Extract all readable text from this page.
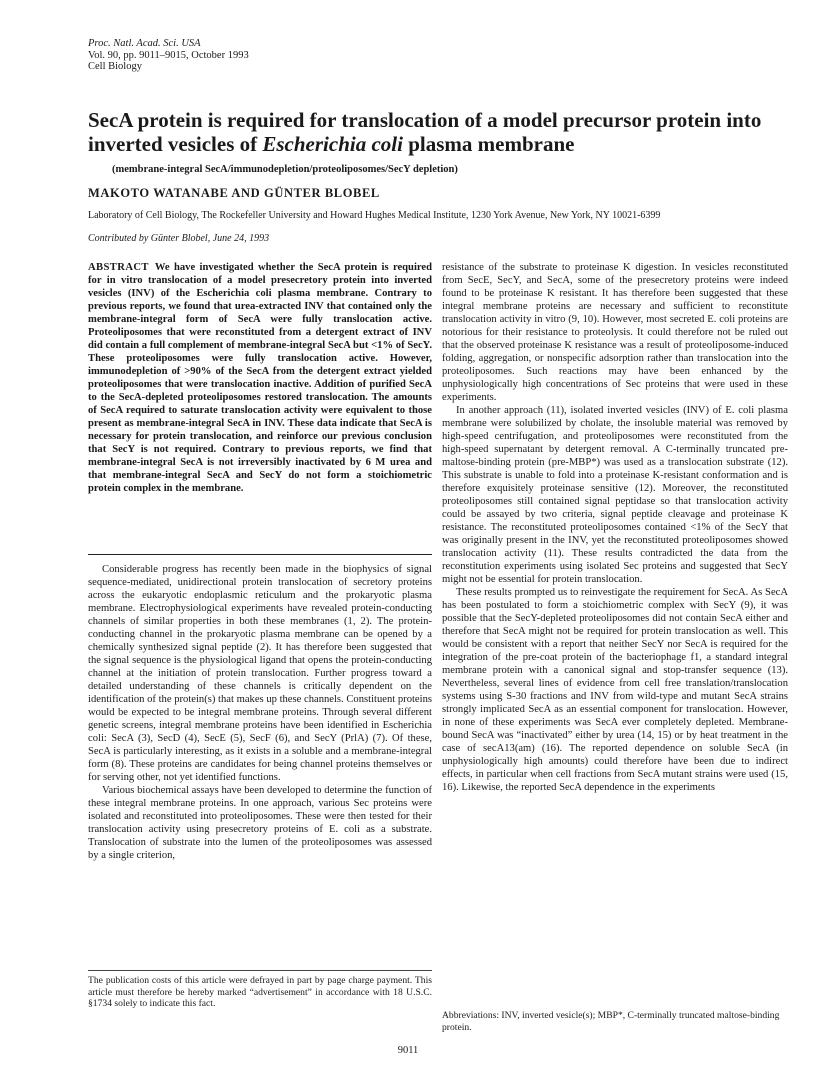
Proc. Natl. Acad. Sci. USA
Vol. 90, pp. 9011–9015, October 1993
Cell Biology
SecA protein is required for translocation of a model precursor protein into inverted vesicles of Escherichia coli plasma membrane
(membrane-integral SecA/immunodepletion/proteoliposomes/SecY depletion)
MAKOTO WATANABE AND GÜNTER BLOBEL
Laboratory of Cell Biology, The Rockefeller University and Howard Hughes Medical Institute, 1230 York Avenue, New York, NY 10021-6399
Contributed by Günter Blobel, June 24, 1993

ABSTRACT We have investigated whether the SecA protein is required for in vitro translocation of a model presecretory protein into inverted vesicles (INV) of the Escherichia coli plasma membrane. Contrary to previous reports, we found that urea-extracted INV that contained only the membrane-integral form of SecA were fully translocation active. Proteoliposomes that were reconstituted from a detergent extract of INV did contain a full complement of membrane-integral SecA but <1% of SecY. These proteoliposomes were fully translocation active. However, immunodepletion of >90% of the SecA from the detergent extract yielded proteoliposomes that were translocation inactive. Addition of purified SecA to the SecA-depleted proteoliposomes restored translocation. The amounts of SecA required to saturate translocation activity were equivalent to those present as membrane-integral SecA in INV. These data indicate that SecA is necessary for protein translocation, and reinforce our previous conclusion that SecY is not required. Contrary to previous reports, we find that membrane-integral SecA is not irreversibly inactivated by 6 M urea and that membrane-integral SecA and SecY do not form a stoichiometric protein complex in the membrane.

Considerable progress has recently been made in the biophysics of signal sequence-mediated, unidirectional protein translocation of secretory proteins across the eukaryotic endoplasmic reticulum and the prokaryotic plasma membrane. Electrophysiological experiments have revealed protein-conducting channels of similar properties in both these membranes (1, 2). The protein-conducting channel in the prokaryotic plasma membrane can be opened by a chemically synthesized signal peptide (2). It has therefore been suggested that the signal sequence is the physiological ligand that opens the protein-conducting channel at the initiation of protein translocation. Further progress toward a detailed understanding of these channels is critically dependent on the identification of the protein(s) that makes up these channels. Constituent proteins would be expected to be integral membrane proteins. Through several different genetic screens, integral membrane proteins have been identified in Escherichia coli: SecA (3), SecD (4), SecE (5), SecF (6), and SecY (PrlA) (7). Of these, SecA is particularly interesting, as it exists in a soluble and a membrane-integral form (8). These proteins are candidates for being channel proteins themselves or for serving other, not yet identified functions.

Various biochemical assays have been developed to determine the function of these integral membrane proteins. In one approach, various Sec proteins were isolated and reconstituted into proteoliposomes. These were then tested for their translocation activity using presecretory proteins of E. coli as a substrate. Translocation of substrate into the lumen of the proteoliposomes was assessed by a single criterion,

resistance of the substrate to proteinase K digestion. In vesicles reconstituted from SecE, SecY, and SecA, some of the presecretory proteins were indeed found to be proteinase K resistant. It has therefore been suggested that these integral membrane proteins are necessary and sufficient to reconstitute translocation activity in vitro (9, 10). However, most secreted E. coli proteins are notorious for their resistance to proteolysis. It could therefore not be ruled out that the observed proteinase K resistance was a result of proteoliposome-induced folding, aggregation, or nonspecific adsorption rather than translocation into the proteoliposomes. Such reactions may have been enhanced by the unphysiologically high concentrations of Sec proteins that were used in these experiments.

In another approach (11), isolated inverted vesicles (INV) of E. coli plasma membrane were solubilized by cholate, the insoluble material was removed by high-speed centrifugation, and proteoliposomes were reconstituted from the high-speed supernatant by detergent removal. A C-terminally truncated pre-maltose-binding protein (pre-MBP*) was used as a translocation substrate (12). This substrate is unable to fold into a proteinase K-resistant conformation and is therefore exquisitely proteinase sensitive (12). Moreover, the reconstituted proteoliposomes still contained signal peptidase so that translocation activity could be assayed by two criteria, signal peptide cleavage and proteinase K resistance. The reconstituted proteoliposomes contained <1% of the SecY that was originally present in the INV, yet the reconstituted proteoliposomes showed translocation activity (11). These results contradicted the data from the reconstitution experiments using isolated Sec proteins and suggested that SecY might not be essential for protein translocation.

These results prompted us to reinvestigate the requirement for SecA. As SecA has been postulated to form a stoichiometric complex with SecY (9), it was possible that the SecY-depleted proteoliposomes did not contain SecA either and therefore that SecA might not be required for protein translocation as well. This would be consistent with a report that neither SecY nor SecA is required for the integration of the pre-coat protein of the bacteriophage f1, a standard integral membrane protein with a canonical signal and stop-transfer sequence (13). Nevertheless, several lines of evidence from cell free translation/translocation systems using S-30 fractions and INV from wild-type and mutant SecA strains strongly implicated SecA as an essential component for translocation. However, in none of these experiments was SecA ever completely depleted. Membrane-bound SecA was “inactivated” either by urea (14, 15) or by heat treatment in the case of secA13(am) (16). The reported dependence on soluble SecA (in unphysiologically high amounts) could therefore have been due to indirect effects, in particular when cell fractions from SecA mutant strains were used (15, 16). Likewise, the reported SecA dependence in the experiments

The publication costs of this article were defrayed in part by page charge payment. This article must therefore be hereby marked “advertisement” in accordance with 18 U.S.C. §1734 solely to indicate this fact.

Abbreviations: INV, inverted vesicle(s); MBP*, C-terminally truncated maltose-binding protein.

9011
